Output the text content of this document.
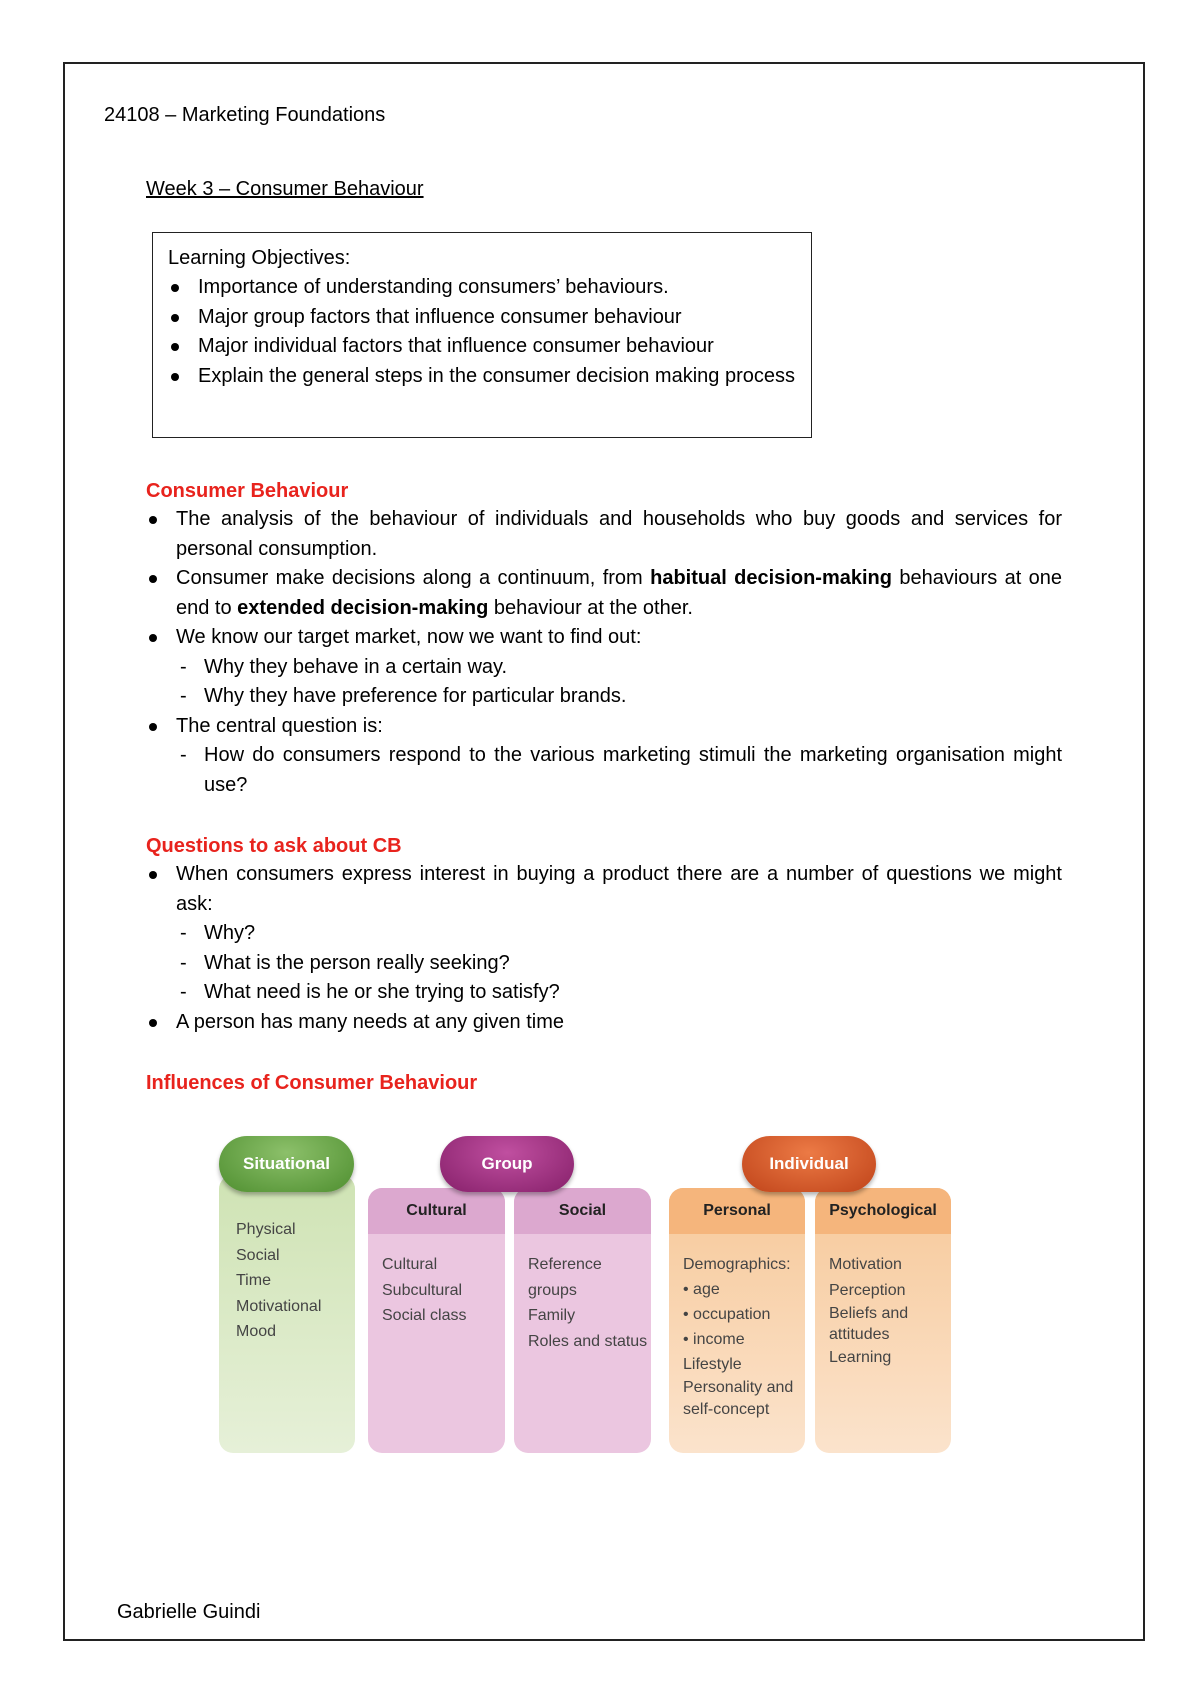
24108 – Marketing Foundations
Week 3 – Consumer Behaviour
Learning Objectives:
Importance of understanding consumers’ behaviours.
Major group factors that influence consumer behaviour
Major individual factors that influence consumer behaviour
Explain the general steps in the consumer decision making process
Consumer Behaviour
The analysis of the behaviour of individuals and households who buy goods and services for personal consumption.
Consumer make decisions along a continuum, from habitual decision-making behaviours at one end to extended decision-making behaviour at the other.
We know our target market, now we want to find out:
- Why they behave in a certain way.
- Why they have preference for particular brands.
The central question is:
- How do consumers respond to the various marketing stimuli the marketing organisation might use?
Questions to ask about CB
When consumers express interest in buying a product there are a number of questions we might ask:
- Why?
- What is the person really seeking?
- What need is he or she trying to satisfy?
A person has many needs at any given time
Influences of Consumer Behaviour
Physical
Social
Time
Motivational
Mood
Situational
Cultural
Cultural
Subcultural
Social class
Social
Reference
groups
Family
Roles and status
Group
Personal
Demographics:
• age
• occupation
• income
Lifestyle
Personality and
self-concept
Psychological
Motivation
Perception
Beliefs and
attitudes
Learning
Individual
Gabrielle Guindi
